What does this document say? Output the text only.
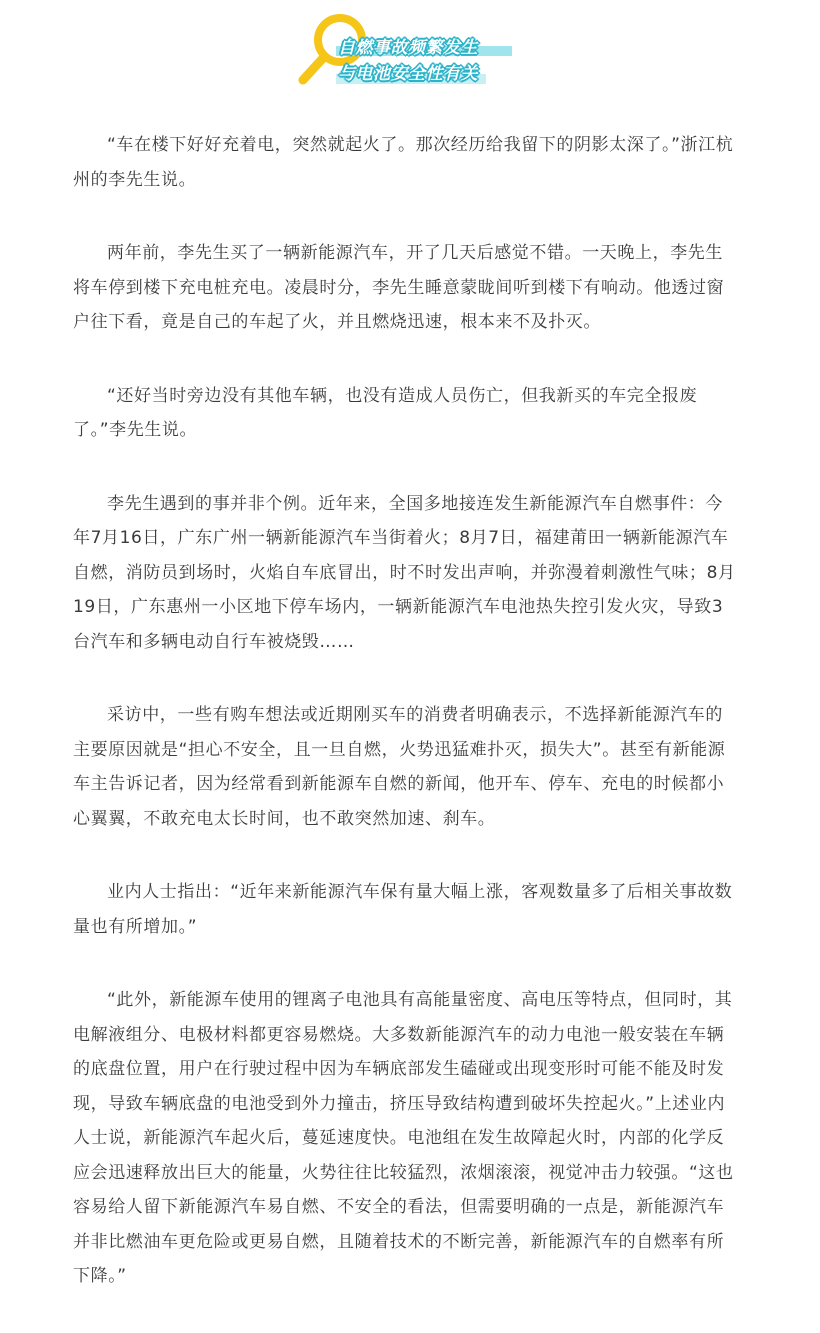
自燃事故频繁发生
与电池安全性有关

“车在楼下好好充着电，突然就起火了。那次经历给我留下的阴影太深了。”浙江杭州的李先生说。

两年前，李先生买了一辆新能源汽车，开了几天后感觉不错。一天晚上，李先生将车停到楼下充电桩充电。凌晨时分，李先生睡意蒙眬间听到楼下有响动。他透过窗户往下看，竟是自己的车起了火，并且燃烧迅速，根本来不及扑灭。

“还好当时旁边没有其他车辆，也没有造成人员伤亡，但我新买的车完全报废了。”李先生说。

李先生遇到的事并非个例。近年来，全国多地接连发生新能源汽车自燃事件：今年7月16日，广东广州一辆新能源汽车当街着火；8月7日，福建莆田一辆新能源汽车自燃，消防员到场时，火焰自车底冒出，时不时发出声响，并弥漫着刺激性气味；8月19日，广东惠州一小区地下停车场内，一辆新能源汽车电池热失控引发火灾，导致3台汽车和多辆电动自行车被烧毁……

采访中，一些有购车想法或近期刚买车的消费者明确表示，不选择新能源汽车的主要原因就是“担心不安全，且一旦自燃，火势迅猛难扑灭，损失大”。甚至有新能源车主告诉记者，因为经常看到新能源车自燃的新闻，他开车、停车、充电的时候都小心翼翼，不敢充电太长时间，也不敢突然加速、刹车。

业内人士指出：“近年来新能源汽车保有量大幅上涨，客观数量多了后相关事故数量也有所增加。”

“此外，新能源车使用的锂离子电池具有高能量密度、高电压等特点，但同时，其电解液组分、电极材料都更容易燃烧。大多数新能源汽车的动力电池一般安装在车辆的底盘位置，用户在行驶过程中因为车辆底部发生磕碰或出现变形时可能不能及时发现，导致车辆底盘的电池受到外力撞击，挤压导致结构遭到破坏失控起火。”上述业内人士说，新能源汽车起火后，蔓延速度快。电池组在发生故障起火时，内部的化学反应会迅速释放出巨大的能量，火势往往比较猛烈，浓烟滚滚，视觉冲击力较强。“这也容易给人留下新能源汽车易自燃、不安全的看法，但需要明确的一点是，新能源汽车并非比燃油车更危险或更易自燃，且随着技术的不断完善，新能源汽车的自燃率有所下降。”
